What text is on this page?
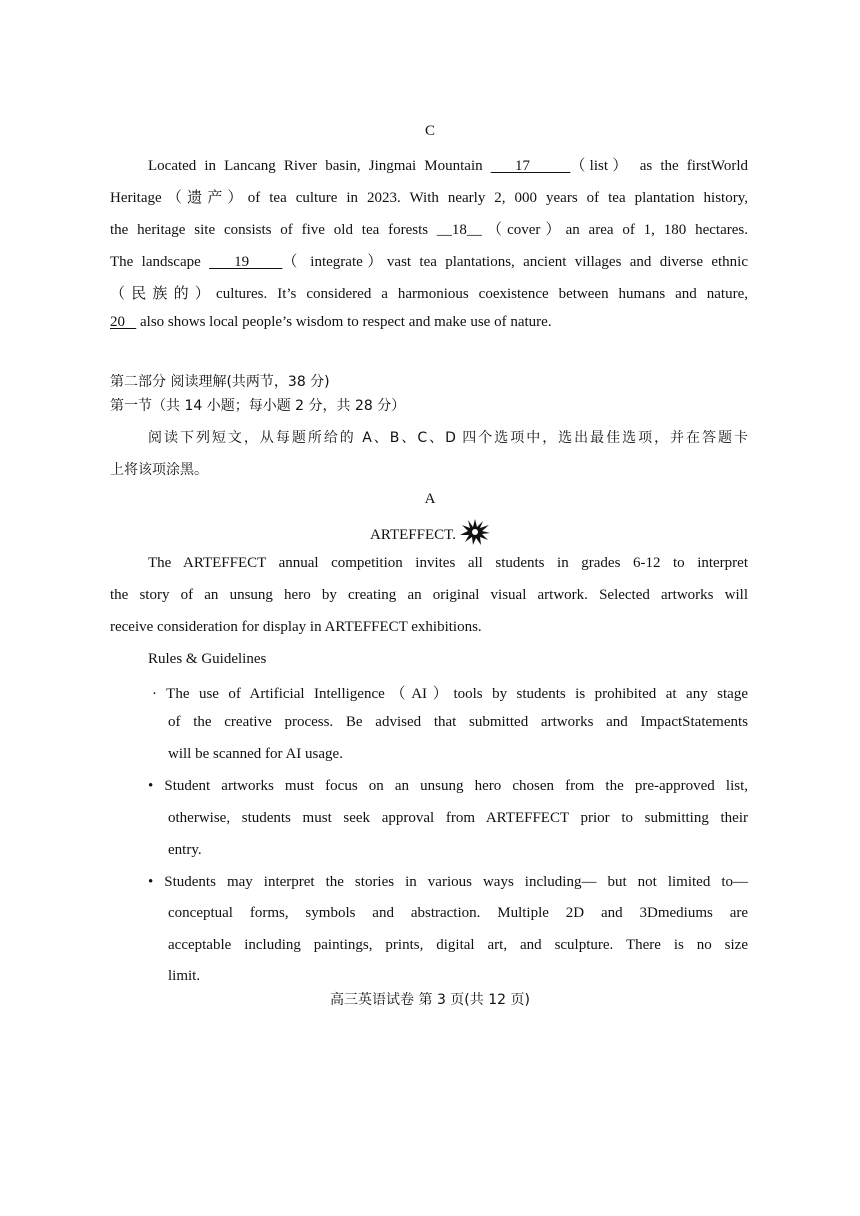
C
Located in Lancang River basin, Jingmai Mountain    17	（list） as the firstWorld
Heritage（遗产）of tea culture in 2023. With nearly 2, 000 years of tea plantation history,
the heritage site consists of five old tea forests __18__（cover）an area of 1, 180 hectares.
The landscape    19 （ integrate）vast tea plantations, ancient villages and diverse ethnic
（民族的）cultures. It’s considered a harmonious coexistence between humans and nature,
20    also shows local people’s wisdom to respect and make use of nature.
第二部分 阅读理解(共两节，38 分)
第一节（共 14 小题；每小题 2 分，共 28 分）
阅读下列短文，从每题所给的 A、B、C、D 四个选项中，选出最佳选项，并在答题卡
上将该项涂黑。
A
ARTEFFECT.
The ARTEFFECT annual competition invites all students in grades 6-12 to interpret
the story of an unsung hero by creating an original visual artwork. Selected artworks will
receive consideration for display in ARTEFFECT exhibitions.
Rules & Guidelines
· The use of Artificial Intelligence（AI）tools by students is prohibited at any stage
of the creative process. Be advised that submitted artworks and ImpactStatements
will be scanned for AI usage.
• Student artworks must focus on an unsung hero chosen from the pre-approved list,
otherwise, students must seek approval from ARTEFFECT prior to submitting their
entry.
• Students may interpret the stories in various ways including— but not limited to—
conceptual forms, symbols and abstraction. Multiple 2D and 3Dmediums are
acceptable including paintings, prints, digital art, and sculpture. There is no size
limit.
高三英语试卷 第 3 页(共 12 页)
